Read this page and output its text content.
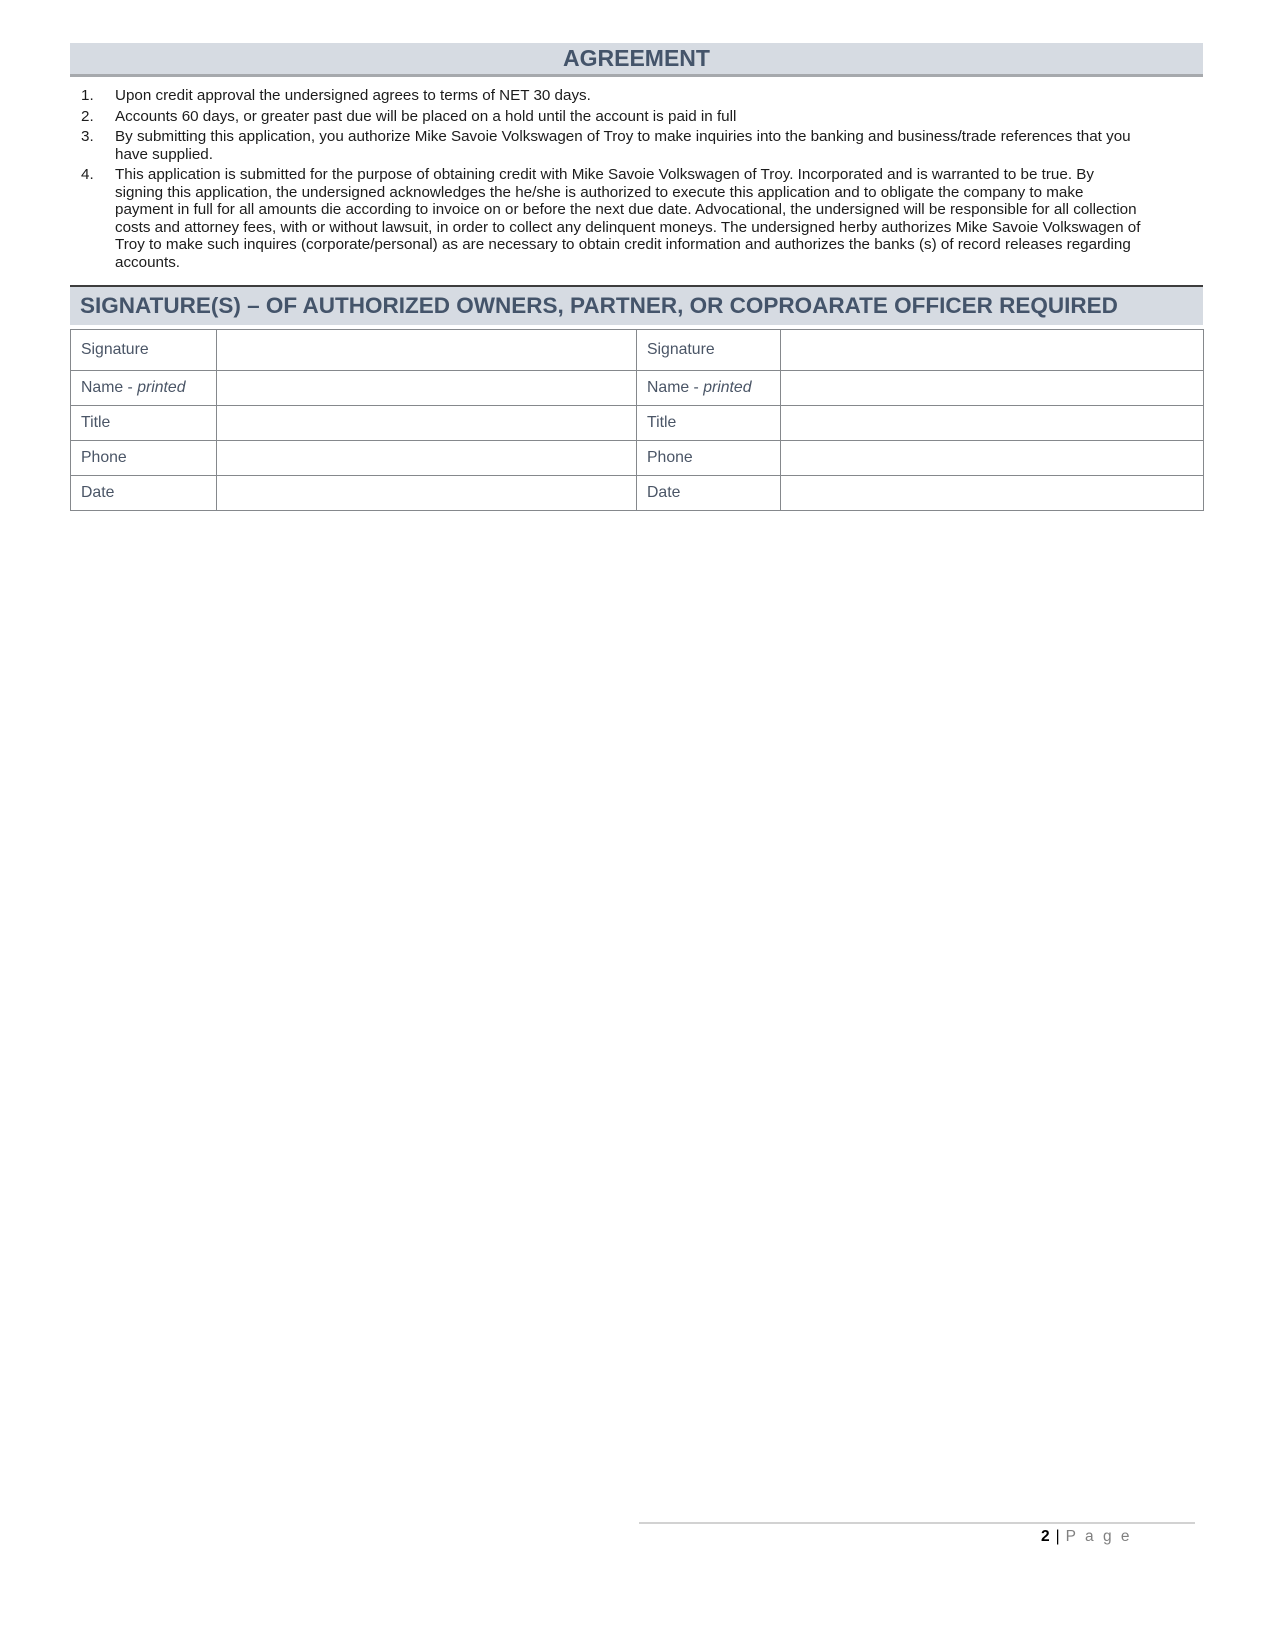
AGREEMENT
1.	Upon credit approval the undersigned agrees to terms of NET 30 days.
2.	Accounts 60 days, or greater past due will be placed on a hold until the account is paid in full
3.	By submitting this application, you authorize Mike Savoie Volkswagen of Troy to make inquiries into the banking and business/trade references that you have supplied.
4.	This application is submitted for the purpose of obtaining credit with Mike Savoie Volkswagen of Troy. Incorporated and is warranted to be true. By signing this application, the undersigned acknowledges the he/she is authorized to execute this application and to obligate the company to make payment in full for all amounts die according to invoice on or before the next due date. Advocational, the undersigned will be responsible for all collection costs and attorney fees, with or without lawsuit, in order to collect any delinquent moneys. The undersigned herby authorizes Mike Savoie Volkswagen of Troy to make such inquires (corporate/personal) as are necessary to obtain credit information and authorizes the banks (s) of record releases regarding accounts.
SIGNATURE(S) – OF AUTHORIZED OWNERS, PARTNER, OR COPROARATE OFFICER REQUIRED
Signature		Signature	
Name - printed		Name - printed	
Title		Title	
Phone		Phone	
Date		Date	
2 | P a g e
